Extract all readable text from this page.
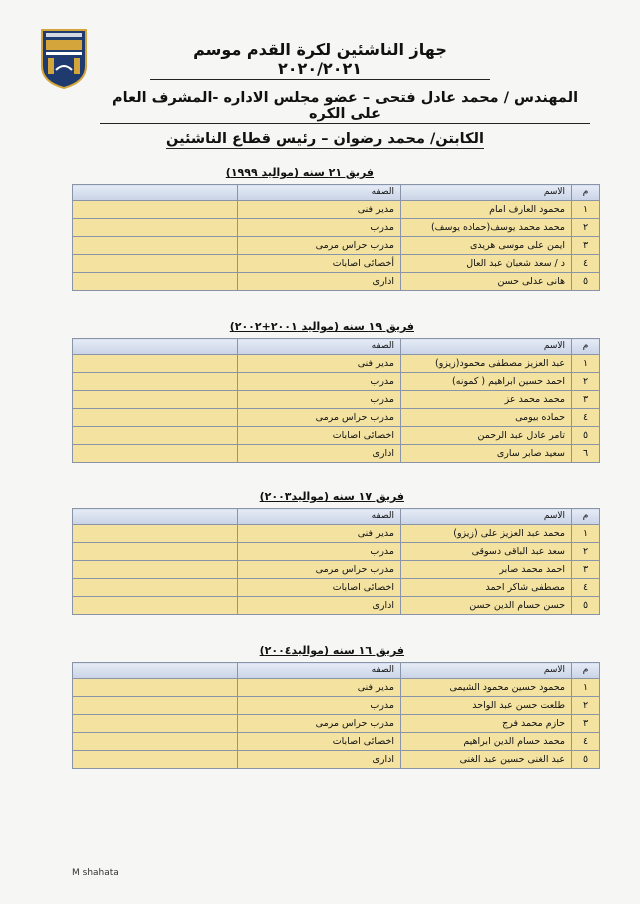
جهاز الناشئين لكرة القدم موسم ٢٠٢٠/٢٠٢١
المهندس / محمد عادل فتحى – عضو مجلس الاداره -المشرف العام على الكره
الكابتن/ محمد رضوان – رئيس قطاع الناشئين
فريق ٢١ سنه (مواليد ١٩٩٩)
م	الاسم	الصفه	
١	محمود العارف امام	مدير فنى	
٢	محمد محمد يوسف(حماده يوسف)	مدرب	
٣	ايمن على موسى هريدى	مدرب حراس مرمى	
٤	د / سعد شعبان عبد العال	أخصائى اصابات	
٥	هانى عدلى حسن	ادارى	
فريق ١٩ سنه (مواليد ٢٠٠١+٢٠٠٢)
م	الاسم	الصفه	
١	عبد العزيز مصطفى محمود(زيزو)	مدير فنى	
٢	احمد حسين ابراهيم ( كمونه)	مدرب	
٣	محمد محمد عز	مدرب	
٤	حماده بيومى	مدرب حراس مرمى	
٥	تامر عادل عبد الرحمن	اخصائى اصابات	
٦	سعيد صابر سارى	ادارى	
فريق ١٧ سنه (مواليد٢٠٠٣)
م	الاسم	الصفه	
١	محمد عبد العزيز على (زيزو)	مدير فنى	
٢	سعد عبد الباقى دسوقى	مدرب	
٣	احمد محمد صابر	مدرب حراس مرمى	
٤	مصطفى شاكر احمد	اخصائى اصابات	
٥	حسن حسام الدين حسن	ادارى	
فريق ١٦ سنه (مواليد٢٠٠٤)
م	الاسم	الصفه	
١	محمود حسين محمود الشيمى	مدير فنى	
٢	طلعت حسن عبد الواحد	مدرب	
٣	حازم محمد فرج	مدرب حراس مرمى	
٤	محمد حسام الدين ابراهيم	اخصائى اصابات	
٥	عبد الغنى حسين عبد الغنى	ادارى	
M shahata
